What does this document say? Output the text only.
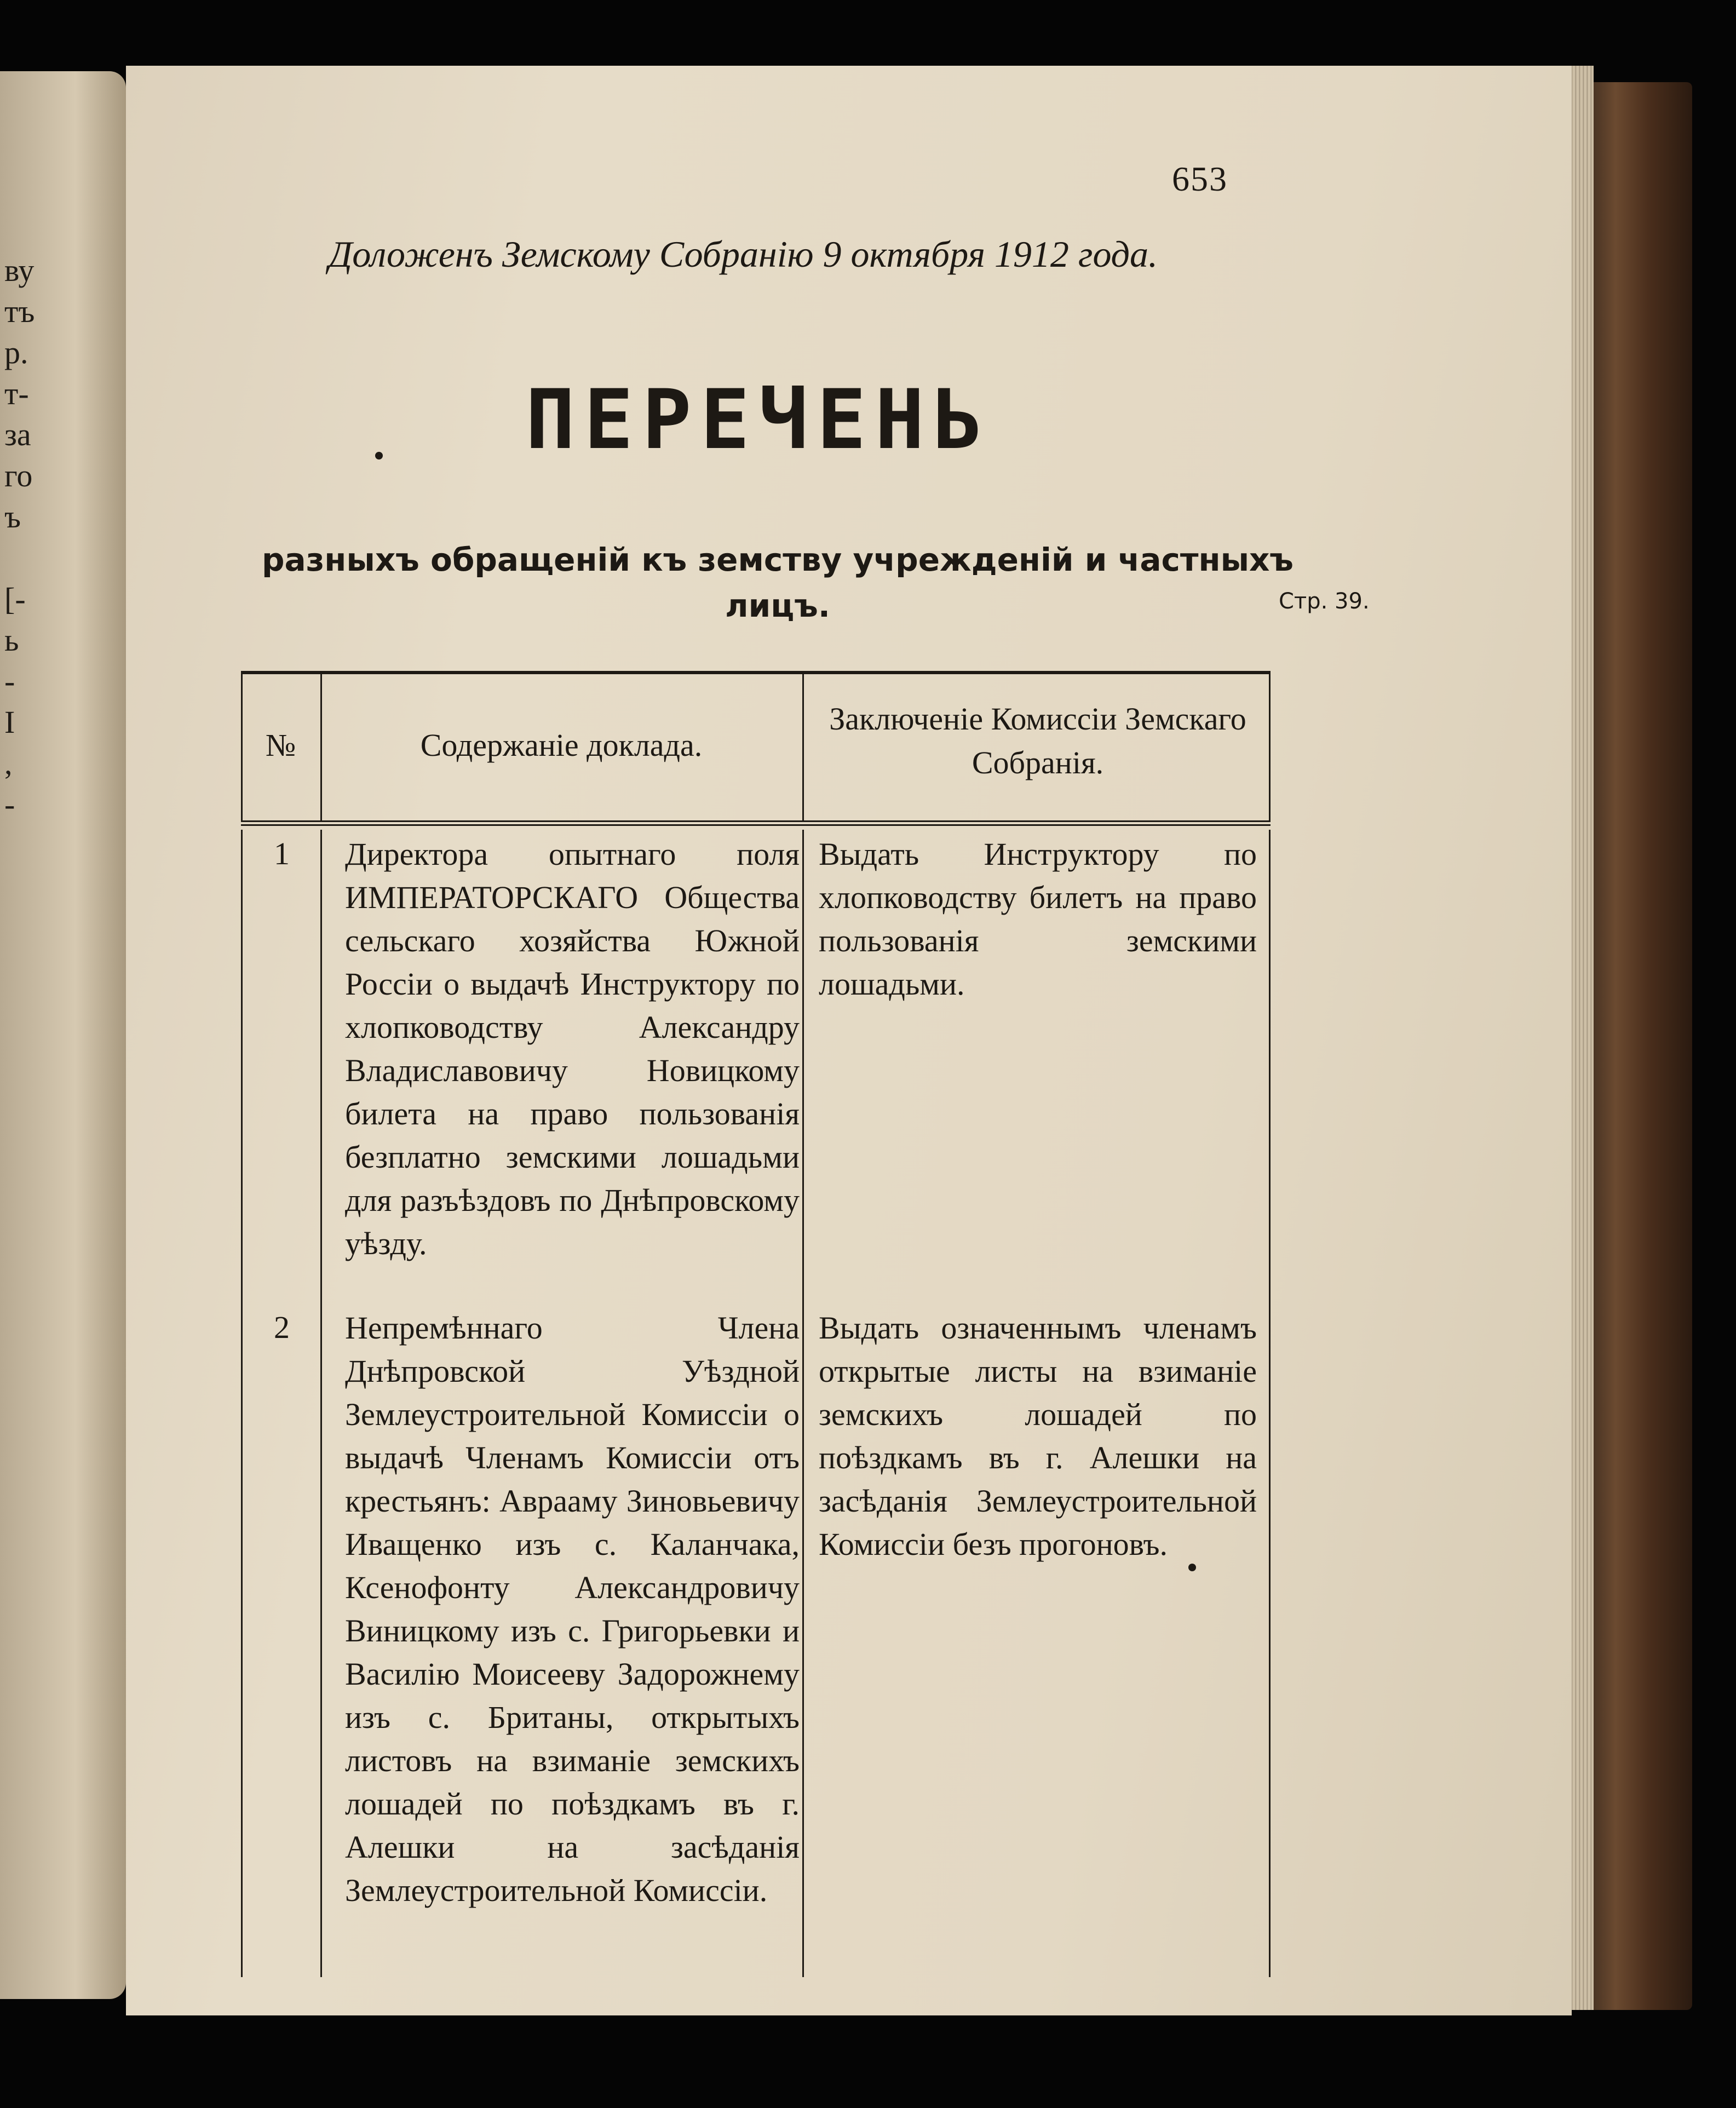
ву
тъ
р.
т-
за
го
ъ
[-
ь
-
I
,
-
653
Доложенъ Земскому Собранію 9 октября 1912 года.
ПЕРЕЧЕНЬ
разныхъ обращеній къ земству учрежденій и частныхъ лицъ.	Стр. 39.
№	Содержаніе доклада.
Заключеніе Комиссіи Земскаго Собранія.
1 Директора опытнаго поля ИМПЕРАТОРСКАГО Общества сельскаго хозяйства Южной Россіи о выдачѣ Инструктору по хлопководству Александру Владиславовичу Новицкому билета на право пользованія безплатно земскими лошадьми для разъѣздовъ по Днѣпровскому уѣзду.
Выдать Инструктору по хлопководству билетъ на право пользованія земскими лошадьми.
2 Непремѣннаго Члена Днѣпровской Уѣздной Землеустроительной Комиссіи о выдачѣ Членамъ Комиссіи отъ крестьянъ: Аврааму Зиновьевичу Иващенко изъ с. Каланчака, Ксенофонту Александровичу Виницкому изъ с. Григорьевки и Василію Моисееву Задорожнему изъ с. Британы, открытыхъ листовъ на взиманіе земскихъ лошадей по поѣздкамъ въ г. Алешки на засѣданія Землеустроительной Комиссіи.
Выдать означеннымъ членамъ открытые листы на взиманіе земскихъ лошадей по поѣздкамъ въ г. Алешки на засѣданія Землеустроительной Комиссіи безъ прогоновъ.
